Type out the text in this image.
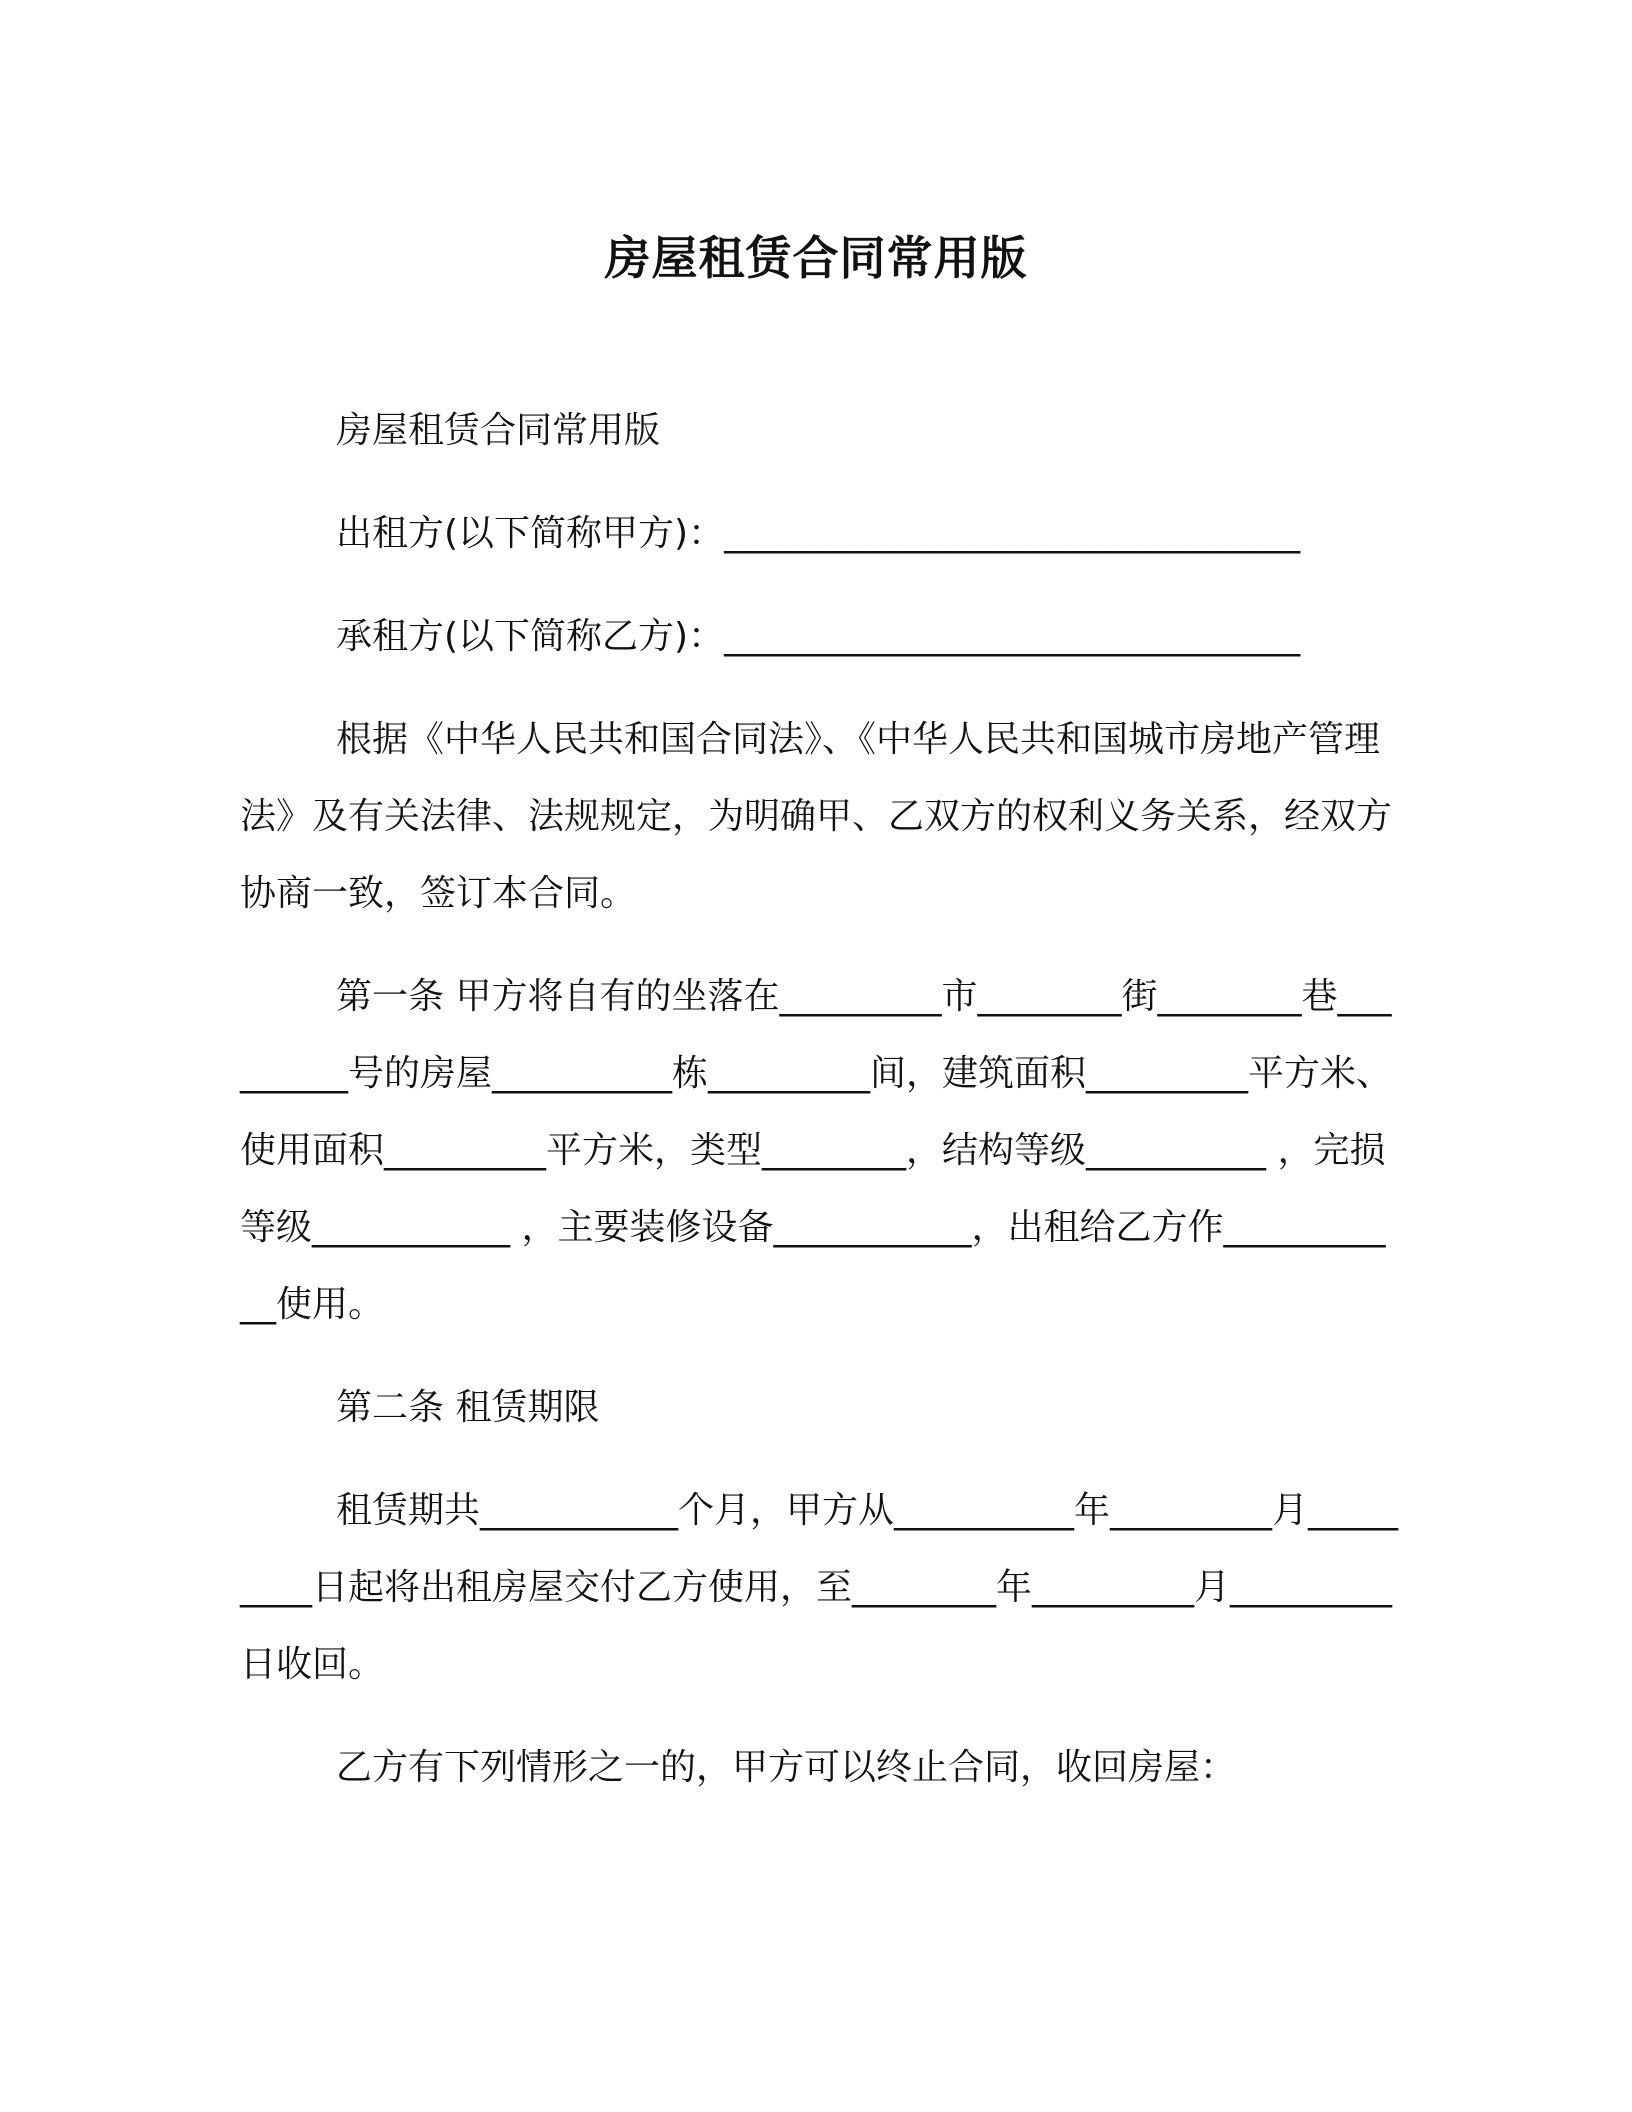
房屋租赁合同常用版

房屋租赁合同常用版

出租方(以下简称甲方)：________________________________

承租方(以下简称乙方)：________________________________

根据《中华人民共和国合同法》、《中华人民共和国城市房地产管理法》及有关法律、法规规定，为明确甲、乙双方的权利义务关系，经双方协商一致，签订本合同。

第一条 甲方将自有的坐落在_________市________街________巷_________号的房屋__________栋_________间，建筑面积_________平方米、使用面积_________平方米，类型________，结构等级__________ ，完损等级___________ ，主要装修设备___________，出租给乙方作___________使用。

第二条 租赁期限

租赁期共___________个月，甲方从__________年_________月_________日起将出租房屋交付乙方使用，至________年_________月_________日收回。

乙方有下列情形之一的，甲方可以终止合同，收回房屋：
